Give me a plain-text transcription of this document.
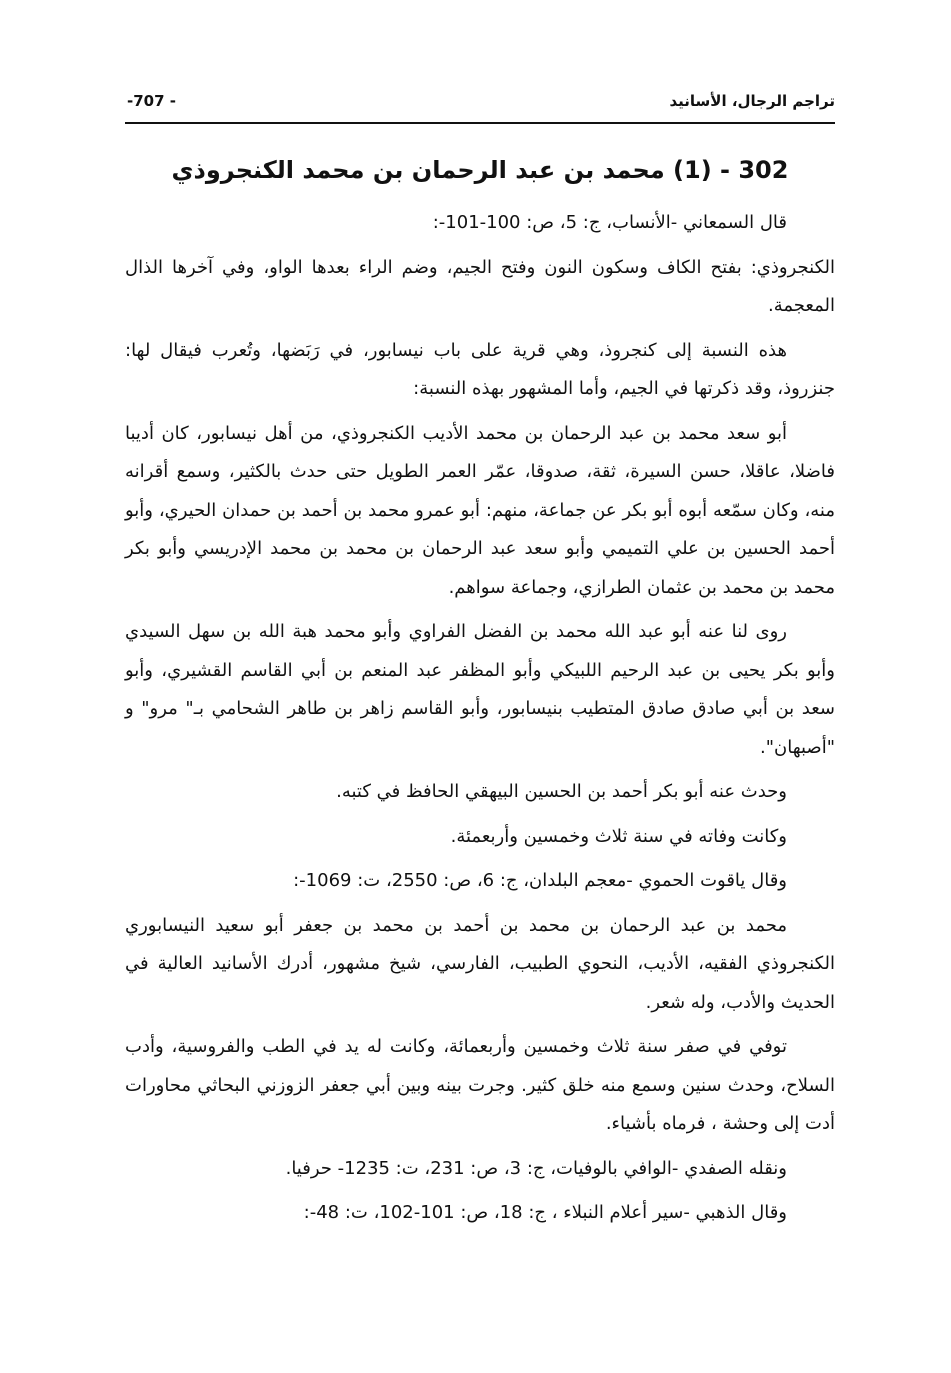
تراجم الرجال، الأسانيد
-707 -
302 - (1) محمد بن عبد الرحمان بن محمد الكنجروذي

قال السمعاني -الأنساب، ج: 5، ص: 100-101-:

الكنجروذي: بفتح الكاف وسكون النون وفتح الجيم، وضم الراء بعدها الواو، وفي آخرها الذال المعجمة.

هذه النسبة إلى كنجروذ، وهي قرية على باب نيسابور، في رَبَضها، وتُعرب فيقال لها: جنزروذ، وقد ذكرتها في الجيم، وأما المشهور بهذه النسبة:

أبو سعد محمد بن عبد الرحمان بن محمد الأديب الكنجروذي، من أهل نيسابور، كان أديبا فاضلا، عاقلا، حسن السيرة، ثقة، صدوقا، عمّر العمر الطويل حتى حدث بالكثير، وسمع أقرانه منه، وكان سمّعه أبوه أبو بكر عن جماعة، منهم: أبو عمرو محمد بن أحمد بن حمدان الحيري، وأبو أحمد الحسين بن علي التميمي وأبو سعد عبد الرحمان بن محمد بن محمد الإدريسي وأبو بكر محمد بن محمد بن عثمان الطرازي، وجماعة سواهم.

روى لنا عنه أبو عبد الله محمد بن الفضل الفراوي وأبو محمد هبة الله بن سهل السيدي وأبو بكر يحيى بن عبد الرحيم اللبيكي وأبو المظفر عبد المنعم بن أبي القاسم القشيري، وأبو سعد بن أبي صادق صادق المتطيب بنيسابور، وأبو القاسم زاهر بن طاهر الشحامي بـ" مرو" و "أصبهان".

وحدث عنه أبو بكر أحمد بن الحسين البيهقي الحافظ في كتبه.

وكانت وفاته في سنة ثلاث وخمسين وأربعمئة.

وقال ياقوت الحموي -معجم البلدان، ج: 6، ص: 2550، ت: 1069-:

محمد بن عبد الرحمان بن محمد بن أحمد بن محمد بن جعفر أبو سعيد النيسابوري الكنجروذي الفقيه، الأديب، النحوي الطبيب، الفارسي، شيخ مشهور، أدرك الأسانيد العالية في الحديث والأدب، وله شعر.

توفي في صفر سنة ثلاث وخمسين وأربعمائة، وكانت له يد في الطب والفروسية، وأدب السلاح، وحدث سنين وسمع منه خلق كثير. وجرت بينه وبين أبي جعفر الزوزني البحاثي محاورات أدت إلى وحشة ، فرماه بأشياء.

ونقله الصفدي -الوافي بالوفيات، ج: 3، ص: 231، ت: 1235- حرفيا.

وقال الذهبي -سير أعلام النبلاء ، ج: 18، ص: 101-102، ت: 48-:
